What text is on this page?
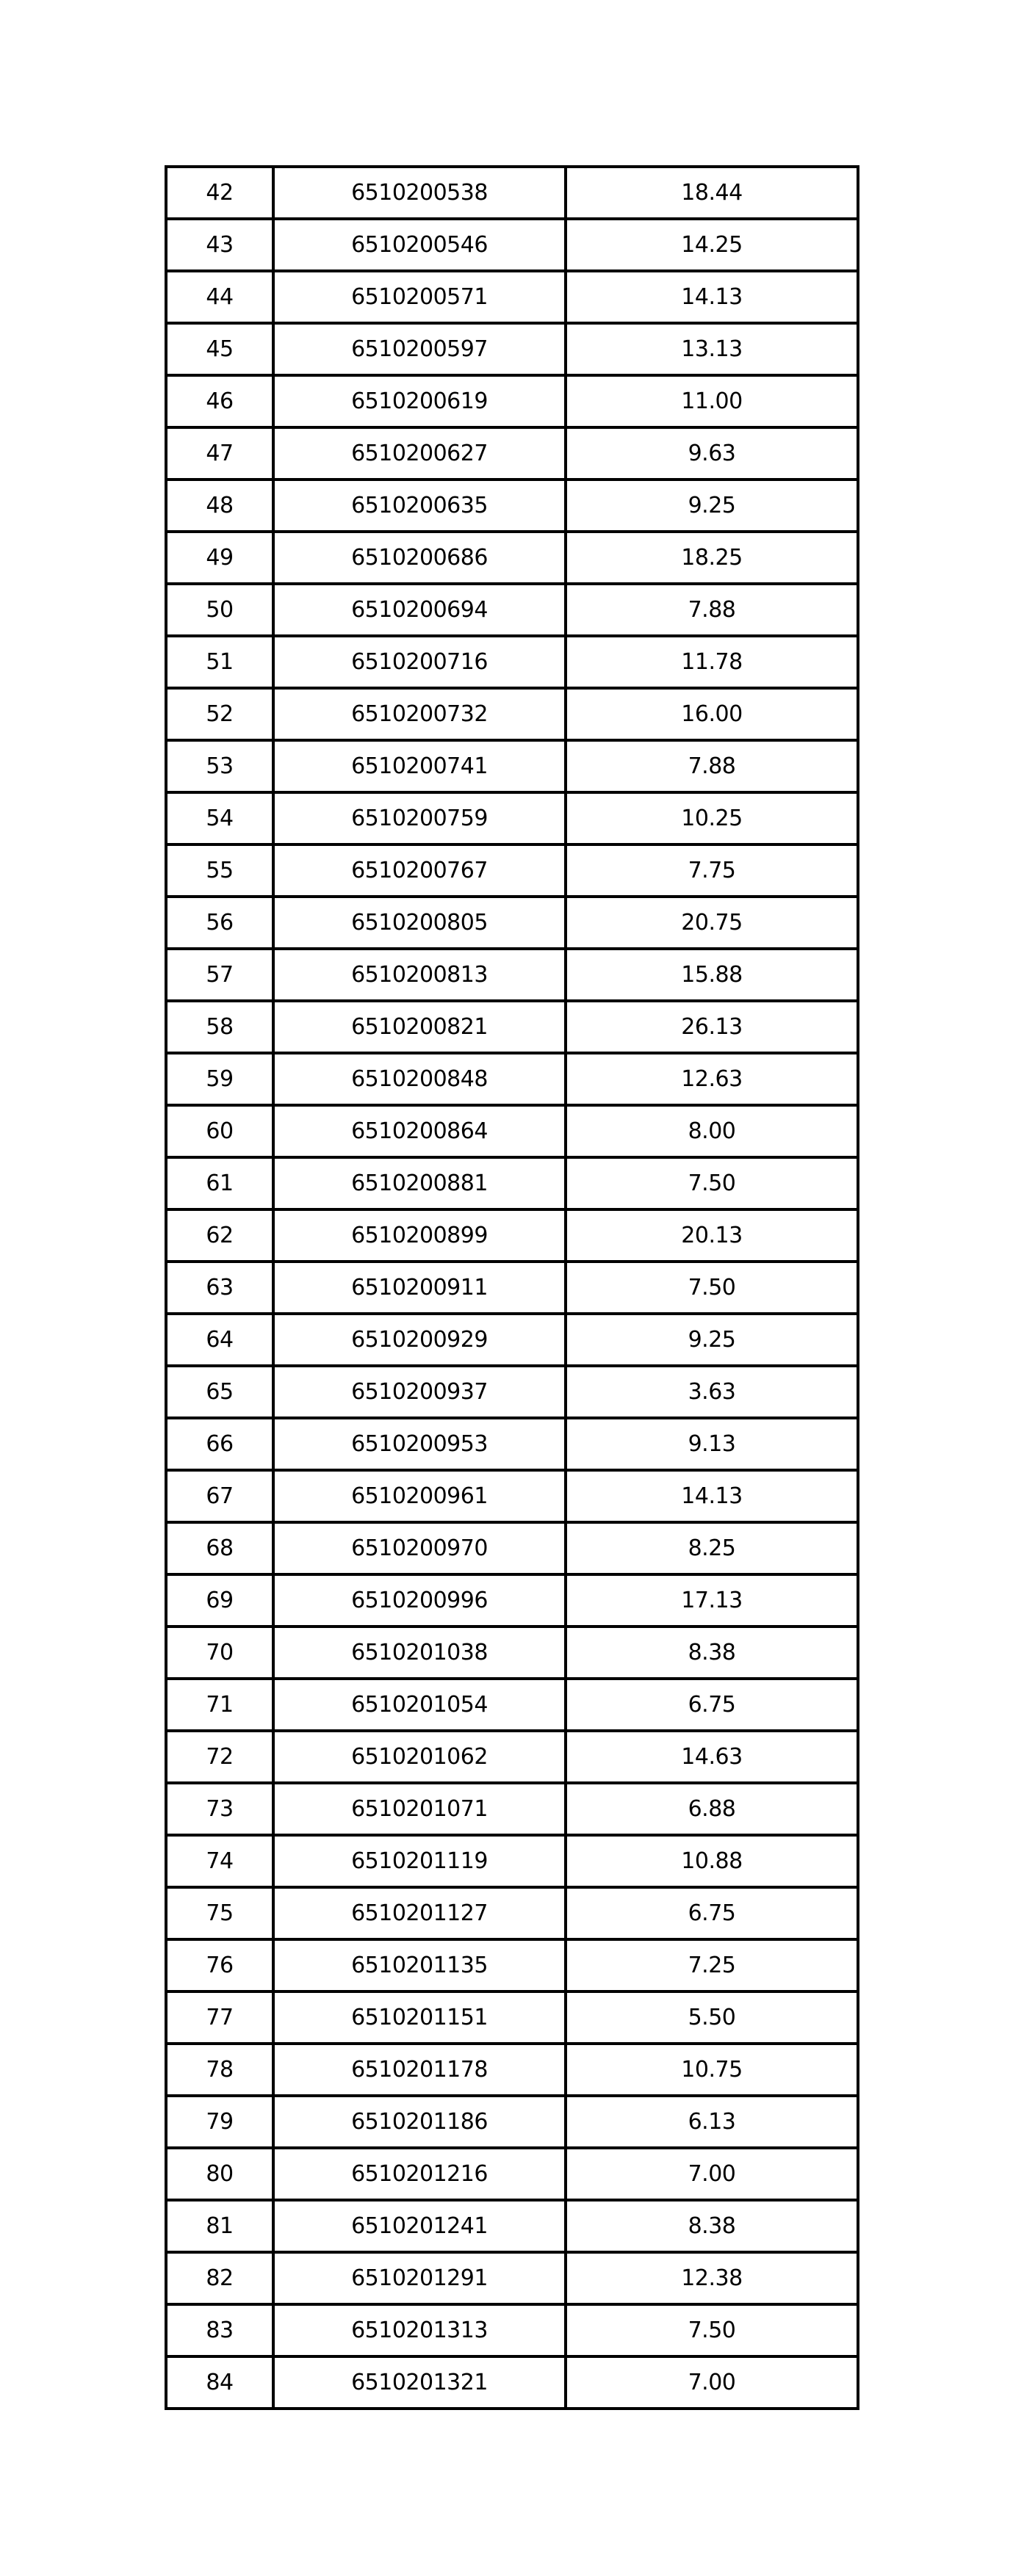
42	6510200538	18.44
43	6510200546	14.25
44	6510200571	14.13
45	6510200597	13.13
46	6510200619	11.00
47	6510200627	9.63
48	6510200635	9.25
49	6510200686	18.25
50	6510200694	7.88
51	6510200716	11.78
52	6510200732	16.00
53	6510200741	7.88
54	6510200759	10.25
55	6510200767	7.75
56	6510200805	20.75
57	6510200813	15.88
58	6510200821	26.13
59	6510200848	12.63
60	6510200864	8.00
61	6510200881	7.50
62	6510200899	20.13
63	6510200911	7.50
64	6510200929	9.25
65	6510200937	3.63
66	6510200953	9.13
67	6510200961	14.13
68	6510200970	8.25
69	6510200996	17.13
70	6510201038	8.38
71	6510201054	6.75
72	6510201062	14.63
73	6510201071	6.88
74	6510201119	10.88
75	6510201127	6.75
76	6510201135	7.25
77	6510201151	5.50
78	6510201178	10.75
79	6510201186	6.13
80	6510201216	7.00
81	6510201241	8.38
82	6510201291	12.38
83	6510201313	7.50
84	6510201321	7.00
